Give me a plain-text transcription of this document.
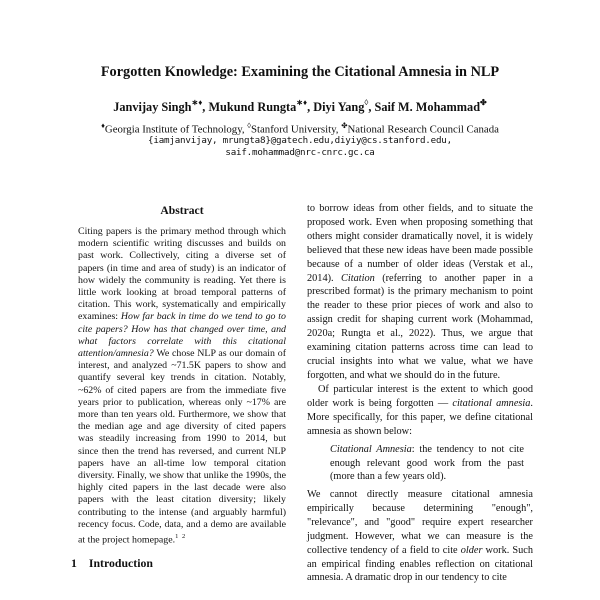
Forgotten Knowledge: Examining the Citational Amnesia in NLP
Janvijay Singh∗♦, Mukund Rungta∗♦, Diyi Yang◊, Saif M. Mohammad✤
♦Georgia Institute of Technology, ◊Stanford University, ✤National Research Council Canada
{iamjanvijay, mrungta8}@gatech.edu,diyiy@cs.stanford.edu,
saif.mohammad@nrc-cnrc.gc.ca
Abstract

Citing papers is the primary method through which modern scientific writing discusses and builds on past work. Collectively, citing a diverse set of papers (in time and area of study) is an indicator of how widely the community is reading. Yet there is little work looking at broad temporal patterns of citation. This work, systematically and empirically examines: How far back in time do we tend to go to cite papers? How has that changed over time, and what factors correlate with this citational attention/amnesia? We chose NLP as our domain of interest, and analyzed ~71.5K papers to show and quantify several key trends in citation. Notably, ~62% of cited papers are from the immediate five years prior to publication, whereas only ~17% are more than ten years old. Furthermore, we show that the median age and age diversity of cited papers was steadily increasing from 1990 to 2014, but since then the trend has reversed, and current NLP papers have an all-time low temporal citation diversity. Finally, we show that unlike the 1990s, the highly cited papers in the last decade were also papers with the least citation diversity; likely contributing to the intense (and arguably harmful) recency focus. Code, data, and a demo are available at the project homepage.$^{1 2}$

1 Introduction

to borrow ideas from other fields, and to situate the proposed work. Even when proposing something that others might consider dramatically novel, it is widely believed that these new ideas have been made possible because of a number of older ideas (Verstak et al., 2014). Citation (referring to another paper in a prescribed format) is the primary mechanism to point the reader to these prior pieces of work and also to assign credit for shaping current work (Mohammad, 2020a; Rungta et al., 2022). Thus, we argue that examining citation patterns across time can lead to crucial insights into what we value, what we have forgotten, and what we should do in the future.

Of particular interest is the extent to which good older work is being forgotten — citational amnesia. More specifically, for this paper, we define citational amnesia as shown below:

Citational Amnesia: the tendency to not cite enough relevant good work from the past (more than a few years old).

We cannot directly measure citational amnesia empirically because determining "enough", "relevance", and "good" require expert researcher judgment. However, what we can measure is the collective tendency of a field to cite older work. Such an empirical finding enables reflection on citational amnesia. A dramatic drop in our tendency to cite
